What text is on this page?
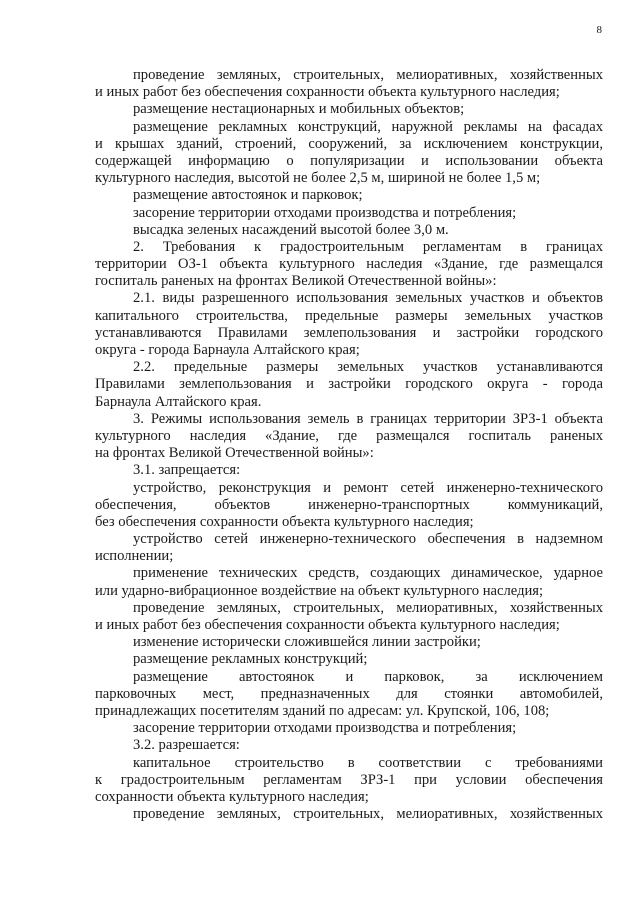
8
проведение земляных, строительных, мелиоративных, хозяйственных
и иных работ без обеспечения сохранности объекта культурного наследия;
размещение нестационарных и мобильных объектов;
размещение рекламных конструкций, наружной рекламы на фасадах
и крышах зданий, строений, сооружений, за исключением конструкции,
содержащей информацию о популяризации и использовании объекта
культурного наследия, высотой не более 2,5 м, шириной не более 1,5 м;
размещение автостоянок и парковок;
засорение территории отходами производства и потребления;
высадка зеленых насаждений высотой более 3,0 м.
2. Требования к градостроительным регламентам в границах
территории ОЗ-1 объекта культурного наследия «Здание, где размещался
госпиталь раненых на фронтах Великой Отечественной войны»:
2.1. виды разрешенного использования земельных участков и объектов
капитального строительства, предельные размеры земельных участков
устанавливаются Правилами землепользования и застройки городского
округа - города Барнаула Алтайского края;
2.2. предельные размеры земельных участков устанавливаются
Правилами землепользования и застройки городского округа - города
Барнаула Алтайского края.
3. Режимы использования земель в границах территории ЗРЗ-1 объекта
культурного наследия «Здание, где размещался госпиталь раненых
на фронтах Великой Отечественной войны»:
3.1. запрещается:
устройство, реконструкция и ремонт сетей инженерно-технического
обеспечения, объектов инженерно-транспортных коммуникаций,
без обеспечения сохранности объекта культурного наследия;
устройство сетей инженерно-технического обеспечения в надземном
исполнении;
применение технических средств, создающих динамическое, ударное
или ударно-вибрационное воздействие на объект культурного наследия;
проведение земляных, строительных, мелиоративных, хозяйственных
и иных работ без обеспечения сохранности объекта культурного наследия;
изменение исторически сложившейся линии застройки;
размещение рекламных конструкций;
размещение автостоянок и парковок, за исключением
парковочных мест, предназначенных для стоянки автомобилей,
принадлежащих посетителям зданий по адресам: ул. Крупской, 106, 108;
засорение территории отходами производства и потребления;
3.2. разрешается:
капитальное строительство в соответствии с требованиями
к градостроительным регламентам ЗРЗ-1 при условии обеспечения
сохранности объекта культурного наследия;
проведение земляных, строительных, мелиоративных, хозяйственных
